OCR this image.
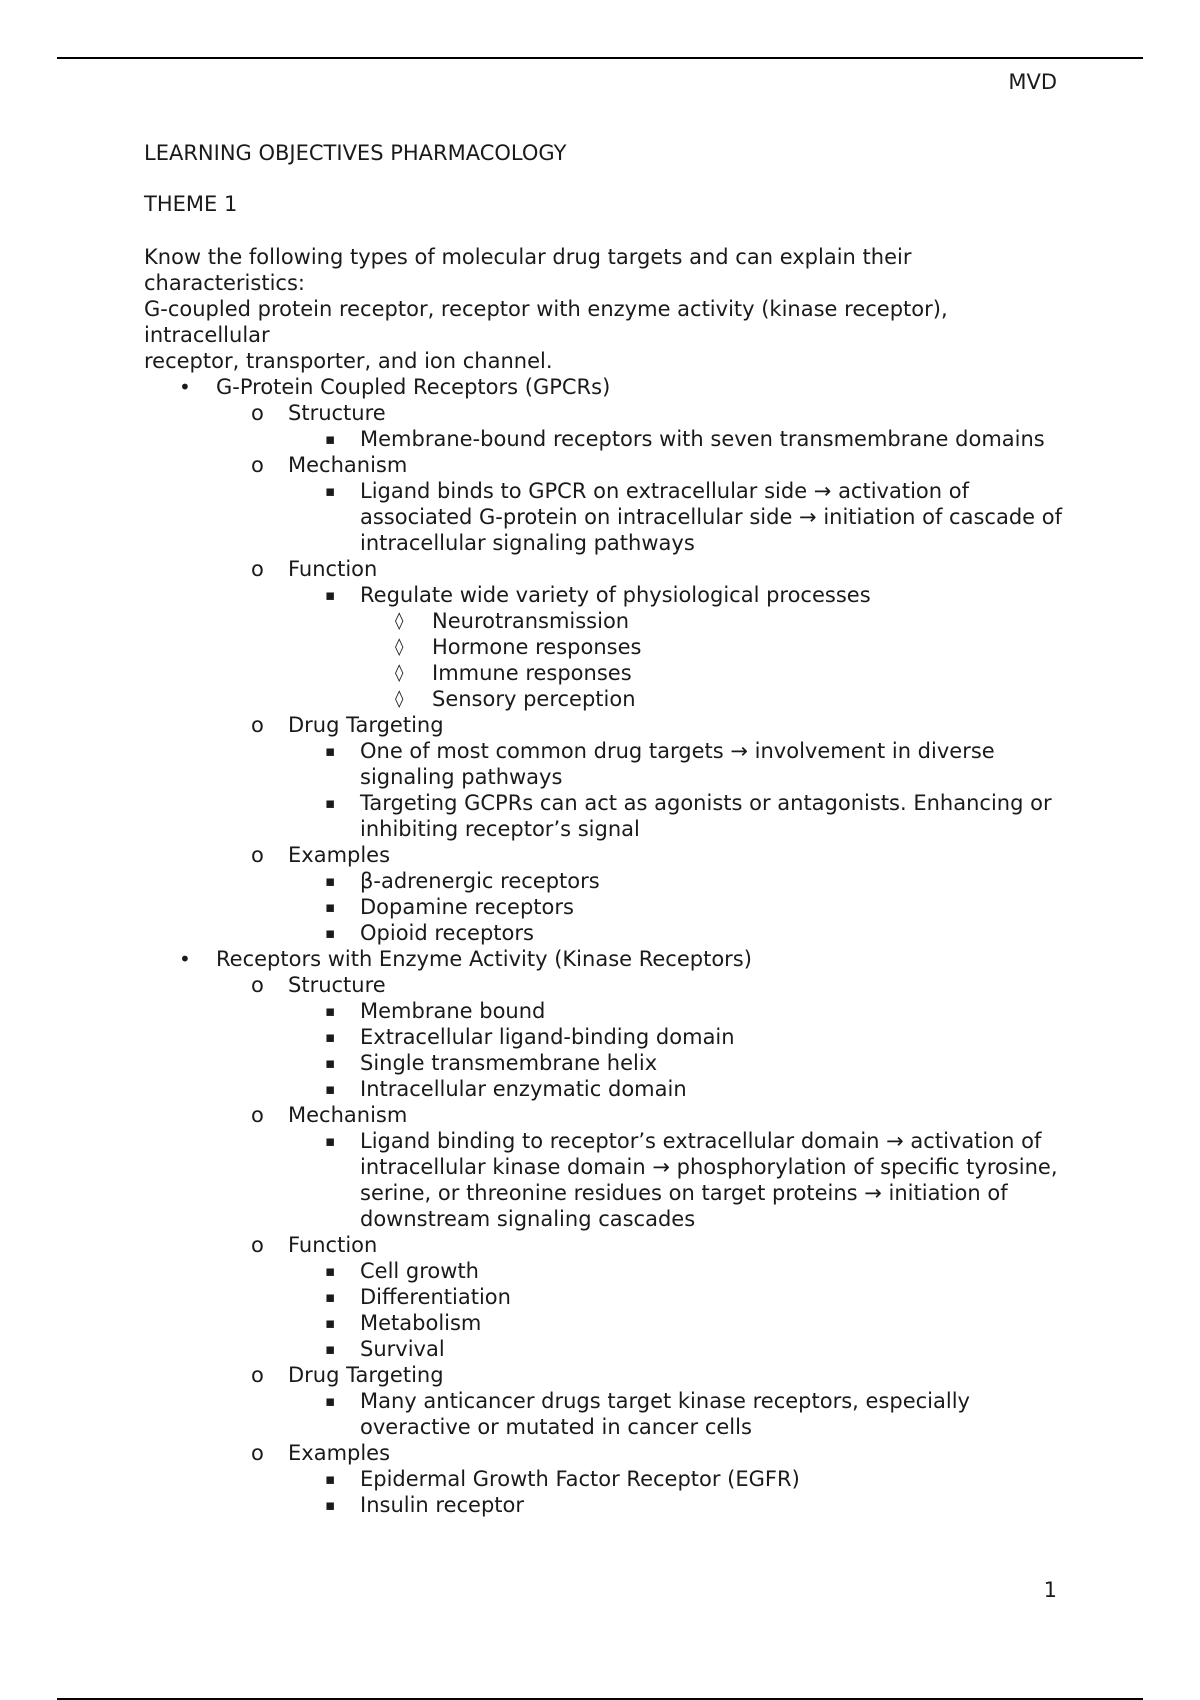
MVD
LEARNING OBJECTIVES PHARMACOLOGY
THEME 1

Know the following types of molecular drug targets and can explain their characteristics:

G-coupled protein receptor, receptor with enzyme activity (kinase receptor), intracellular

receptor, transporter, and ion channel.

• G-Protein Coupled Receptors (GPCRs)
o Structure
▪ Membrane-bound receptors with seven transmembrane domains
o Mechanism
▪ Ligand binds to GPCR on extracellular side → activation of associated G-protein on intracellular side → initiation of cascade of intracellular signaling pathways
o Function
▪ Regulate wide variety of physiological processes
◊ Neurotransmission
◊ Hormone responses
◊ Immune responses
◊ Sensory perception
o Drug Targeting
▪ One of most common drug targets → involvement in diverse signaling pathways
▪ Targeting GCPRs can act as agonists or antagonists. Enhancing or inhibiting receptor’s signal
o Examples
▪ β-adrenergic receptors
▪ Dopamine receptors
▪ Opioid receptors
• Receptors with Enzyme Activity (Kinase Receptors)
o Structure
▪ Membrane bound
▪ Extracellular ligand-binding domain
▪ Single transmembrane helix
▪ Intracellular enzymatic domain
o Mechanism
▪ Ligand binding to receptor’s extracellular domain → activation of intracellular kinase domain → phosphorylation of specific tyrosine, serine, or threonine residues on target proteins → initiation of downstream signaling cascades
o Function
▪ Cell growth
▪ Differentiation
▪ Metabolism
▪ Survival
o Drug Targeting
▪ Many anticancer drugs target kinase receptors, especially overactive or mutated in cancer cells
o Examples
▪ Epidermal Growth Factor Receptor (EGFR)
▪ Insulin receptor
1
